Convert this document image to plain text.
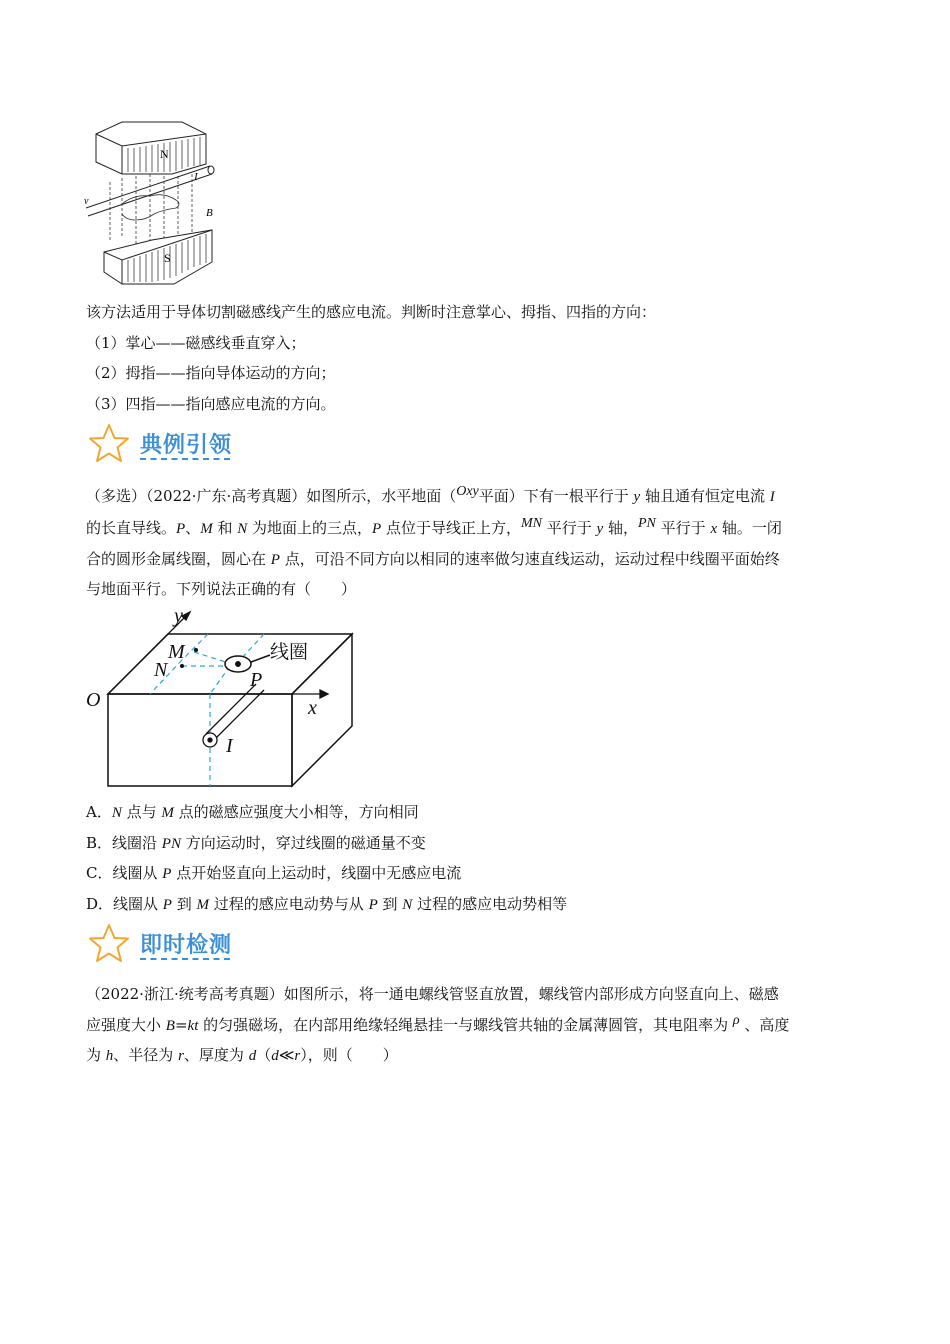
N
v
I
B
S
该方法适用于导体切割磁感线产生的感应电流。判断时注意掌心、拇指、四指的方向：
（1）掌心——磁感线垂直穿入；
（2）拇指——指向导体运动的方向；
（3）四指——指向感应电流的方向。
典例引领
（多选）（2022·广东·高考真题）如图所示，水平地面（Oxy平面）下有一根平行于 y 轴且通有恒定电流 I
的长直导线。P、M 和 N 为地面上的三点，P 点位于导线正上方，MN 平行于 y 轴，PN 平行于 x 轴。一闭
合的圆形金属线圈，圆心在 P 点，可沿不同方向以相同的速率做匀速直线运动，运动过程中线圈平面始终
与地面平行。下列说法正确的有（　　）
y
x
O
M
N	P
I
线圈
A．N 点与 M 点的磁感应强度大小相等，方向相同
B．线圈沿 PN 方向运动时，穿过线圈的磁通量不变
C．线圈从 P 点开始竖直向上运动时，线圈中无感应电流
D．线圈从 P 到 M 过程的感应电动势与从 P 到 N 过程的感应电动势相等
即时检测
（2022·浙江·统考高考真题）如图所示，将一通电螺线管竖直放置，螺线管内部形成方向竖直向上、磁感
应强度大小 B=kt 的匀强磁场，在内部用绝缘轻绳悬挂一与螺线管共轴的金属薄圆管，其电阻率为 ρ 、高度
为 h、半径为 r、厚度为 d（d≪r），则（　　）
